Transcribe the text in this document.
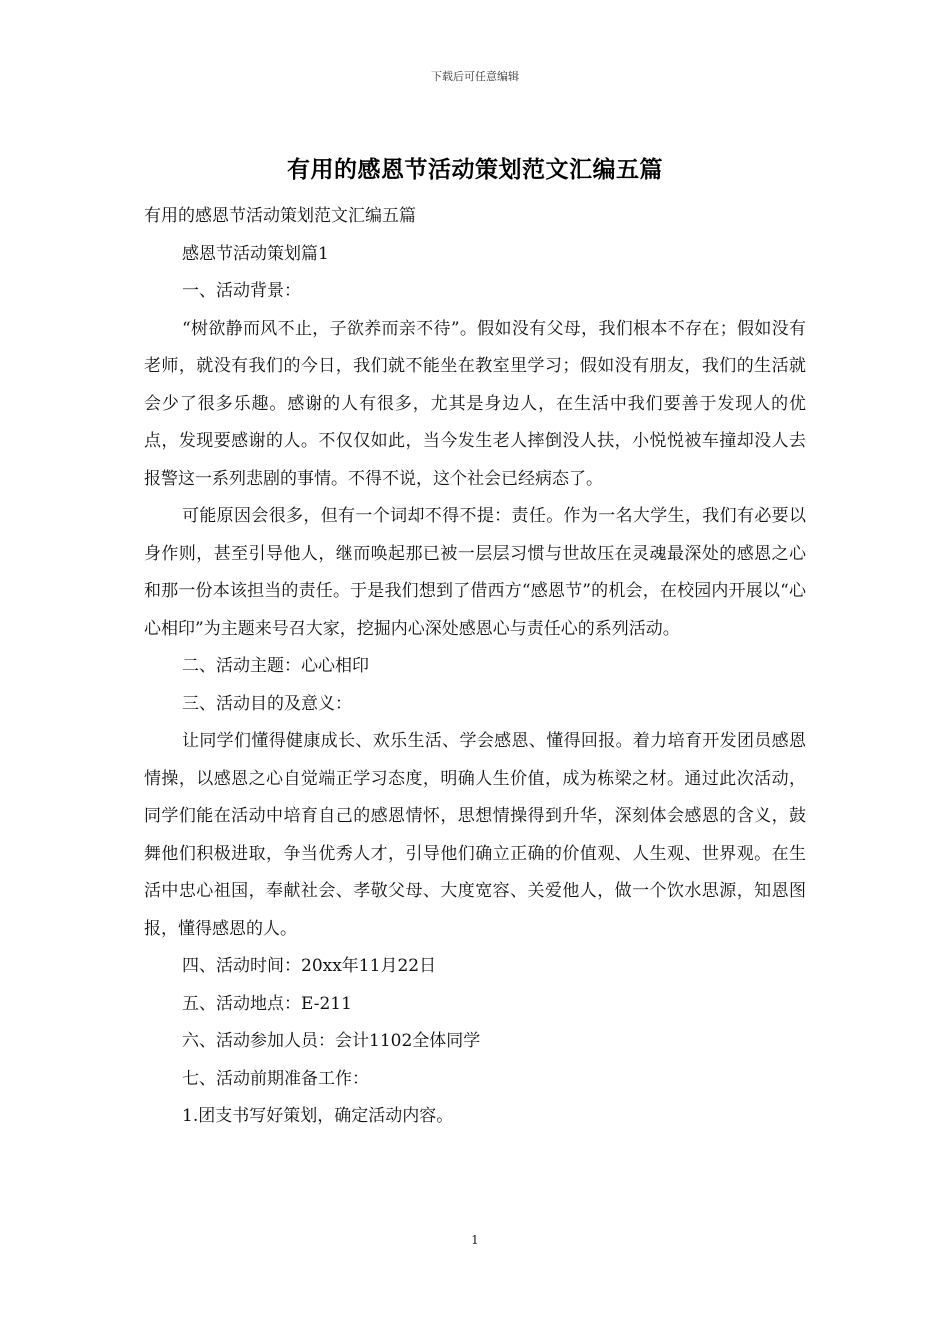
下载后可任意编辑
有用的感恩节活动策划范文汇编五篇

有用的感恩节活动策划范文汇编五篇

感恩节活动策划篇1

一、活动背景：

“树欲静而风不止，子欲养而亲不待”。假如没有父母，我们根本不存在；假如没有老师，就没有我们的今日，我们就不能坐在教室里学习；假如没有朋友，我们的生活就会少了很多乐趣。感谢的人有很多，尤其是身边人，在生活中我们要善于发现人的优点，发现要感谢的人。不仅仅如此，当今发生老人摔倒没人扶，小悦悦被车撞却没人去报警这一系列悲剧的事情。不得不说，这个社会已经病态了。

可能原因会很多，但有一个词却不得不提：责任。作为一名大学生，我们有必要以身作则，甚至引导他人，继而唤起那已被一层层习惯与世故压在灵魂最深处的感恩之心和那一份本该担当的责任。于是我们想到了借西方“感恩节”的机会，在校园内开展以“心心相印”为主题来号召大家，挖掘内心深处感恩心与责任心的系列活动。

二、活动主题：心心相印

三、活动目的及意义：

让同学们懂得健康成长、欢乐生活、学会感恩、懂得回报。着力培育开发团员感恩情操，以感恩之心自觉端正学习态度，明确人生价值，成为栋梁之材。通过此次活动，同学们能在活动中培育自己的感恩情怀，思想情操得到升华，深刻体会感恩的含义，鼓舞他们积极进取，争当优秀人才，引导他们确立正确的价值观、人生观、世界观。在生活中忠心祖国，奉献社会、孝敬父母、大度宽容、关爱他人，做一个饮水思源，知恩图报，懂得感恩的人。

四、活动时间：20xx年11月22日

五、活动地点：E-211

六、活动参加人员：会计1102全体同学

七、活动前期准备工作：

1.团支书写好策划，确定活动内容。

1
